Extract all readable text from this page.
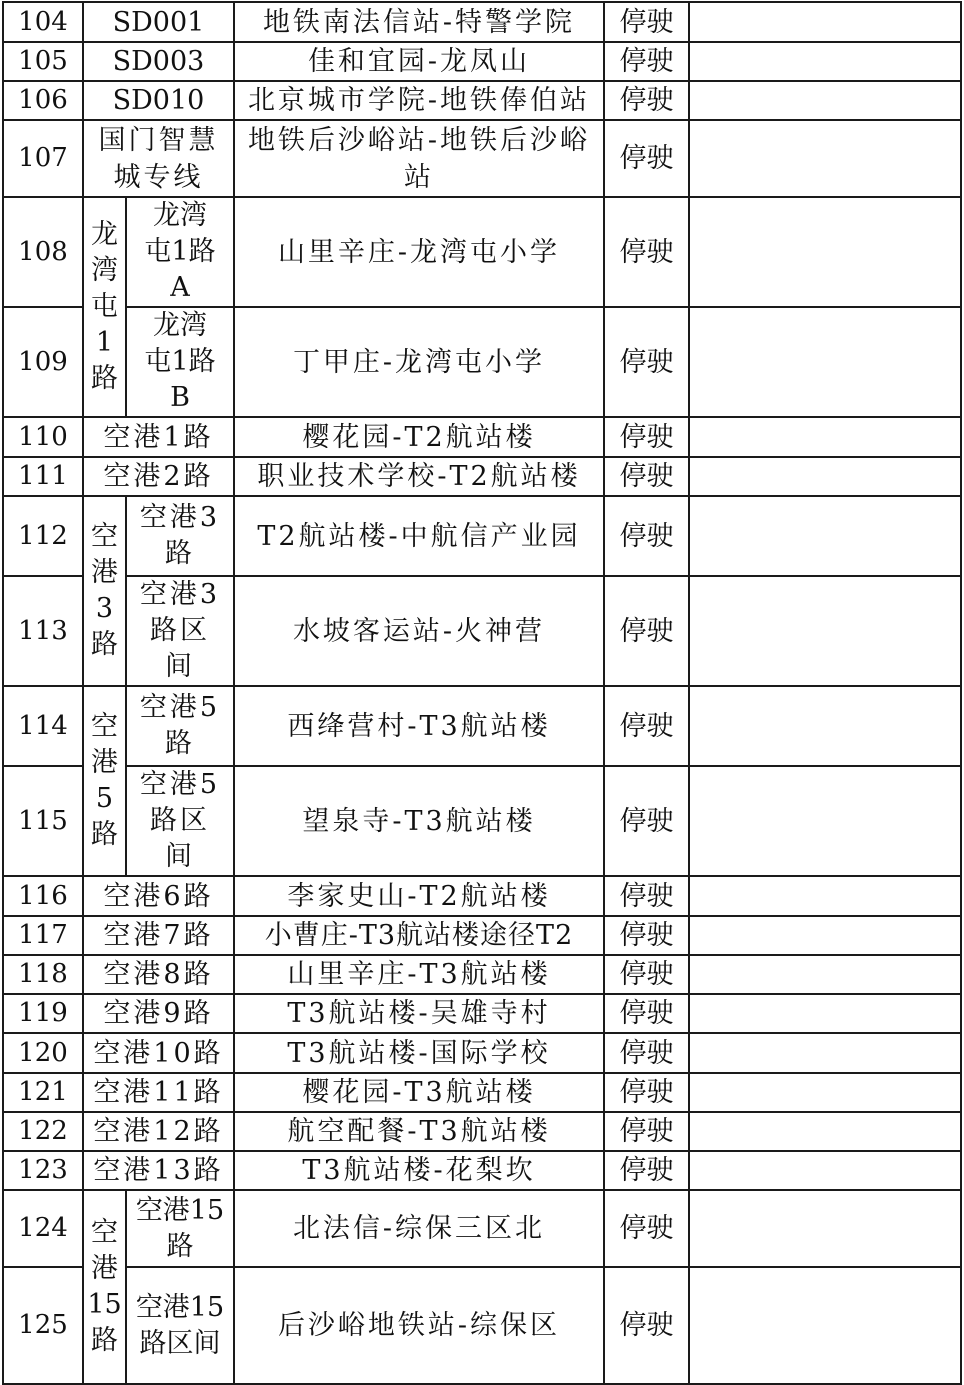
104	SD001		地铁南法信站-特警学院	停驶	
105	SD003		佳和宜园-龙凤山	停驶	
106	SD010		北京城市学院-地铁俸伯站	停驶	
107	国门智慧城专线		地铁后沙峪站-地铁后沙峪站	停驶	
108	龙湾屯1路	龙湾屯1路A	山里辛庄-龙湾屯小学	停驶	
109		龙湾屯1路B	丁甲庄-龙湾屯小学	停驶	
110	空港1路		樱花园-T2航站楼	停驶	
111	空港2路		职业技术学校-T2航站楼	停驶	
112	空港3路	空港3路	T2航站楼-中航信产业园	停驶	
113		空港3路区间	水坡客运站-火神营	停驶	
114	空港5路	空港5路	西绛营村-T3航站楼	停驶	
115		空港5路区间	望泉寺-T3航站楼	停驶	
116	空港6路		李家史山-T2航站楼	停驶	
117	空港7路		小曹庄-T3航站楼途径T2	停驶	
118	空港8路		山里辛庄-T3航站楼	停驶	
119	空港9路		T3航站楼-吴雄寺村	停驶	
120	空港10路		T3航站楼-国际学校	停驶	
121	空港11路		樱花园-T3航站楼	停驶	
122	空港12路		航空配餐-T3航站楼	停驶	
123	空港13路		T3航站楼-花梨坎	停驶	
124	空港15路	空港15路	北法信-综保三区北	停驶	
125		空港15路区间	后沙峪地铁站-综保区	停驶	
